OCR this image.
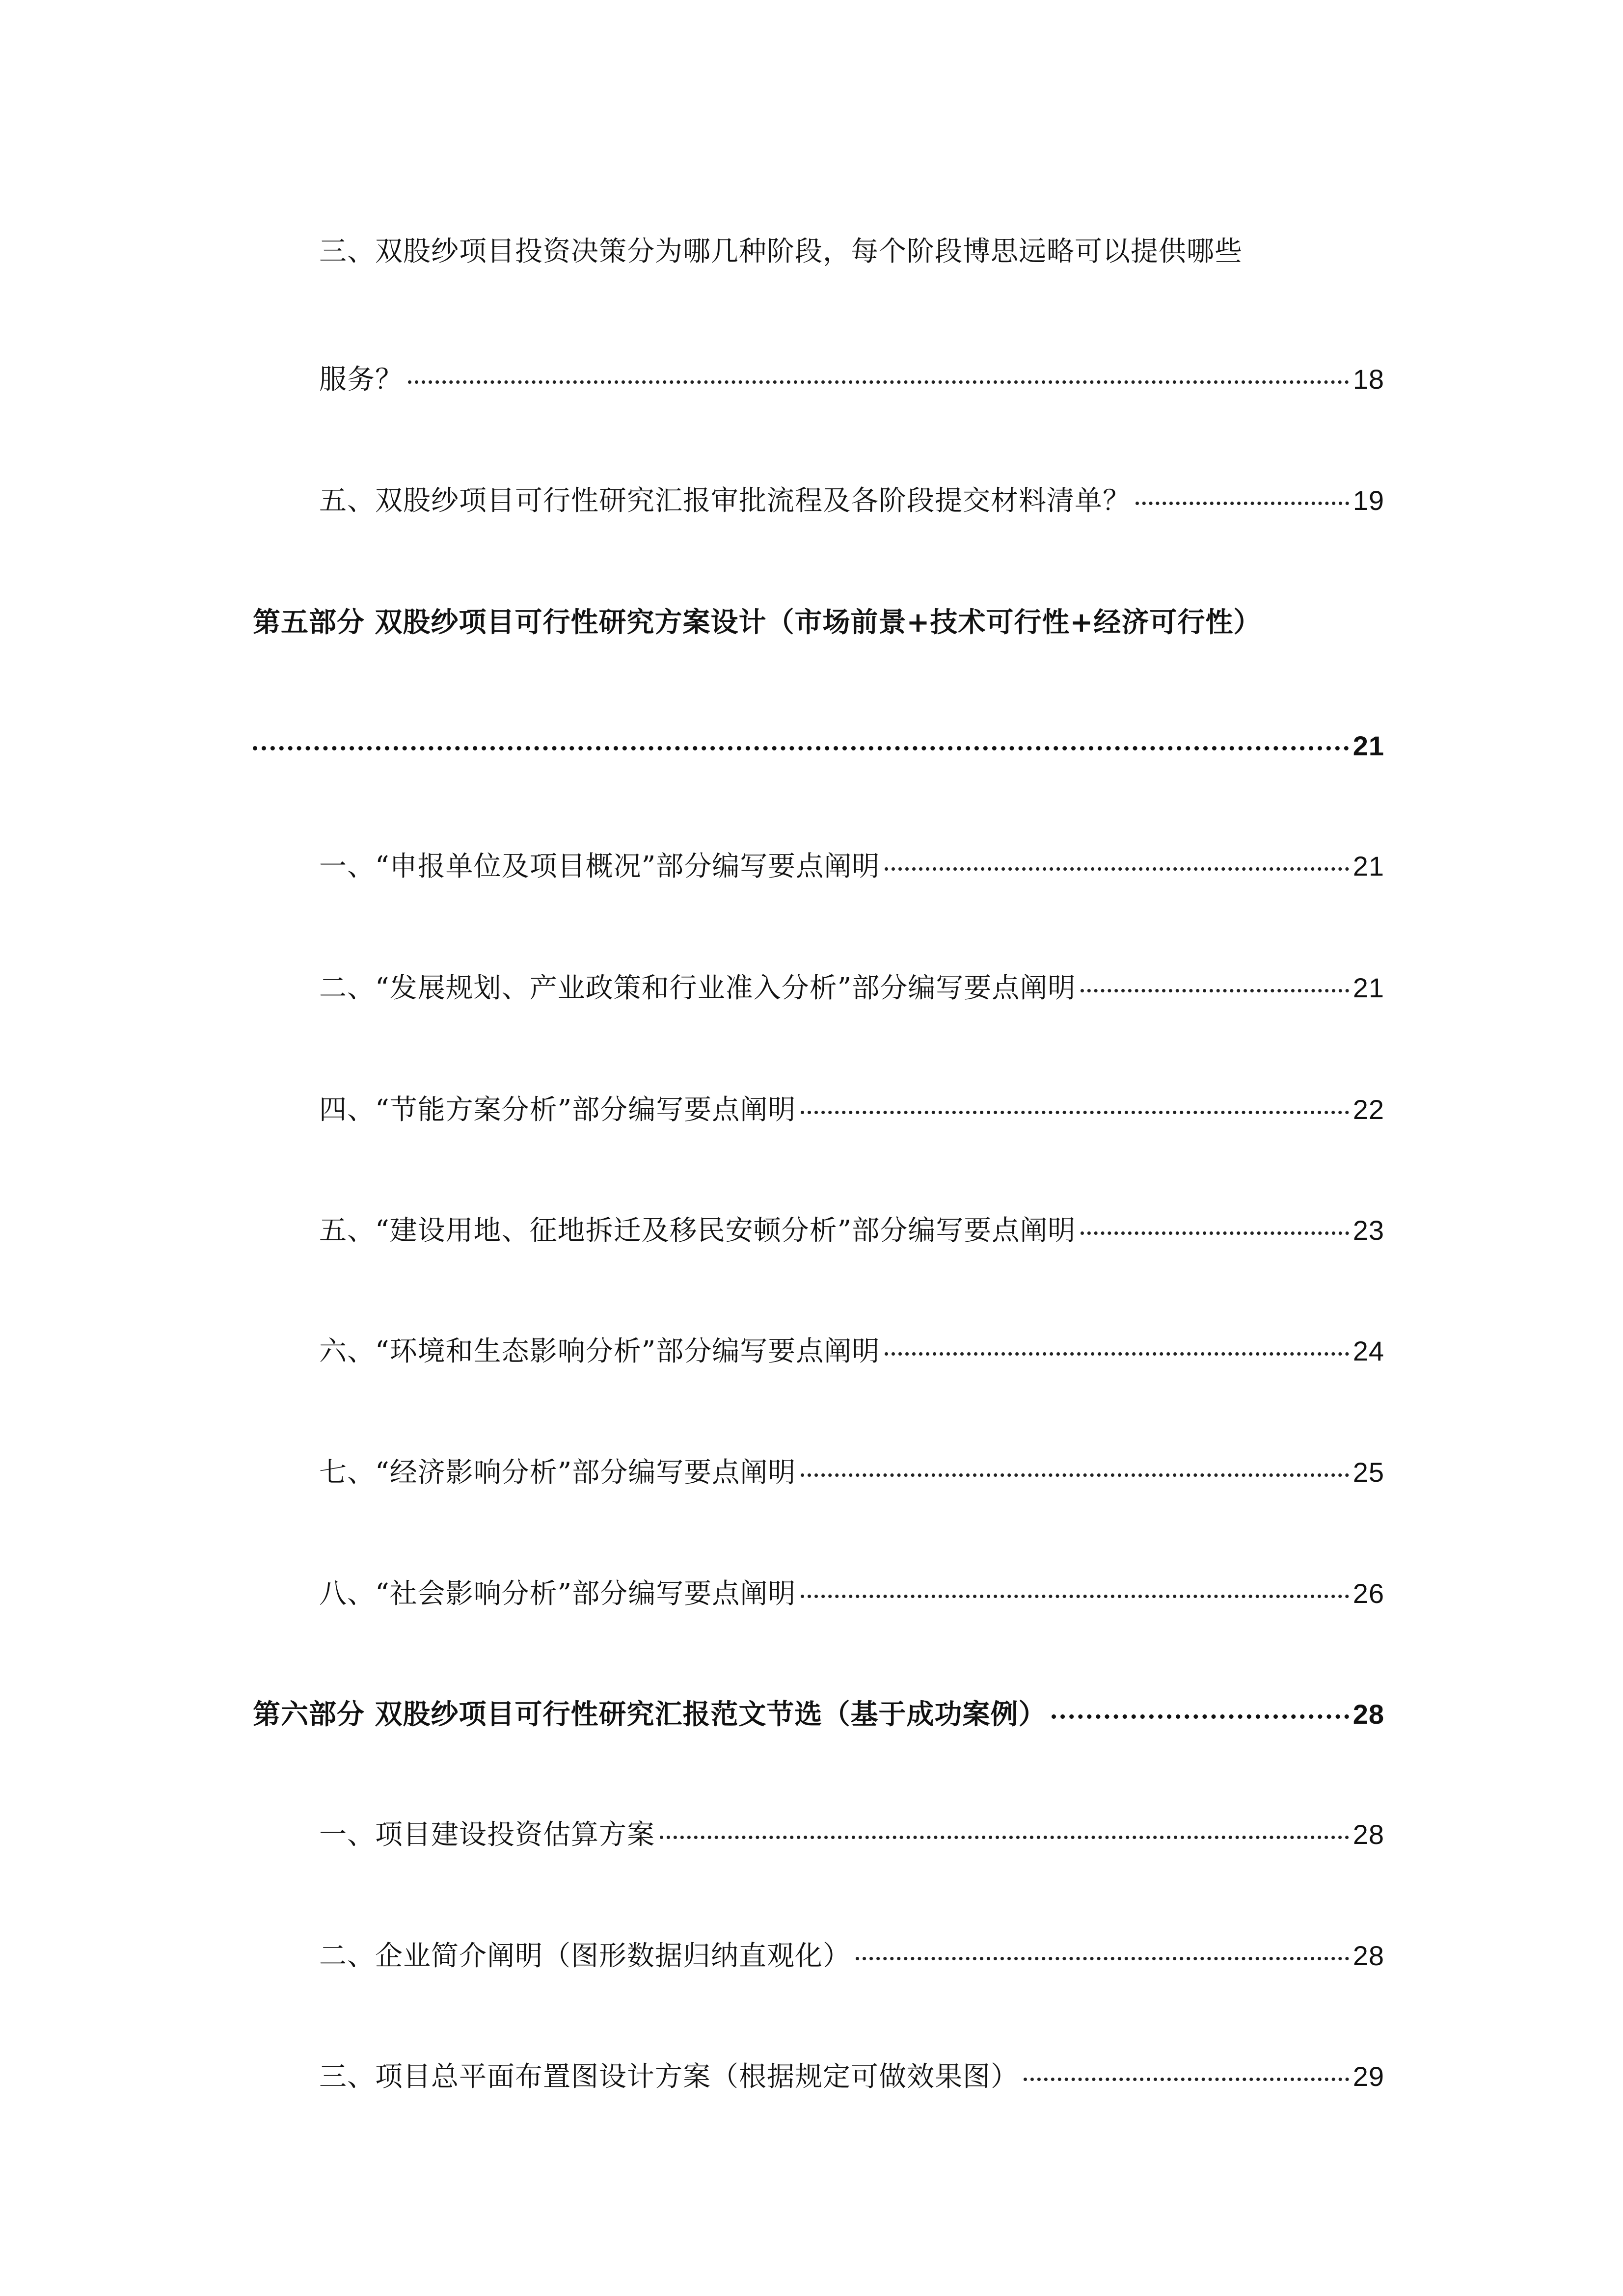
三、双股纱项目投资决策分为哪几种阶段，每个阶段博思远略可以提供哪些
服务？	18
五、双股纱项目可行性研究汇报审批流程及各阶段提交材料清单？	19
第五部分 双股纱项目可行性研究方案设计（市场前景+技术可行性+经济可行性）
21
一、“申报单位及项目概况”部分编写要点阐明	21
二、“发展规划、产业政策和行业准入分析”部分编写要点阐明	21
四、“节能方案分析”部分编写要点阐明	22
五、“建设用地、征地拆迁及移民安顿分析”部分编写要点阐明	23
六、“环境和生态影响分析”部分编写要点阐明	24
七、“经济影响分析”部分编写要点阐明	25
八、“社会影响分析”部分编写要点阐明	26
第六部分 双股纱项目可行性研究汇报范文节选（基于成功案例）	28
一、项目建设投资估算方案	28
二、企业简介阐明（图形数据归纳直观化）	28
三、项目总平面布置图设计方案（根据规定可做效果图）	29
